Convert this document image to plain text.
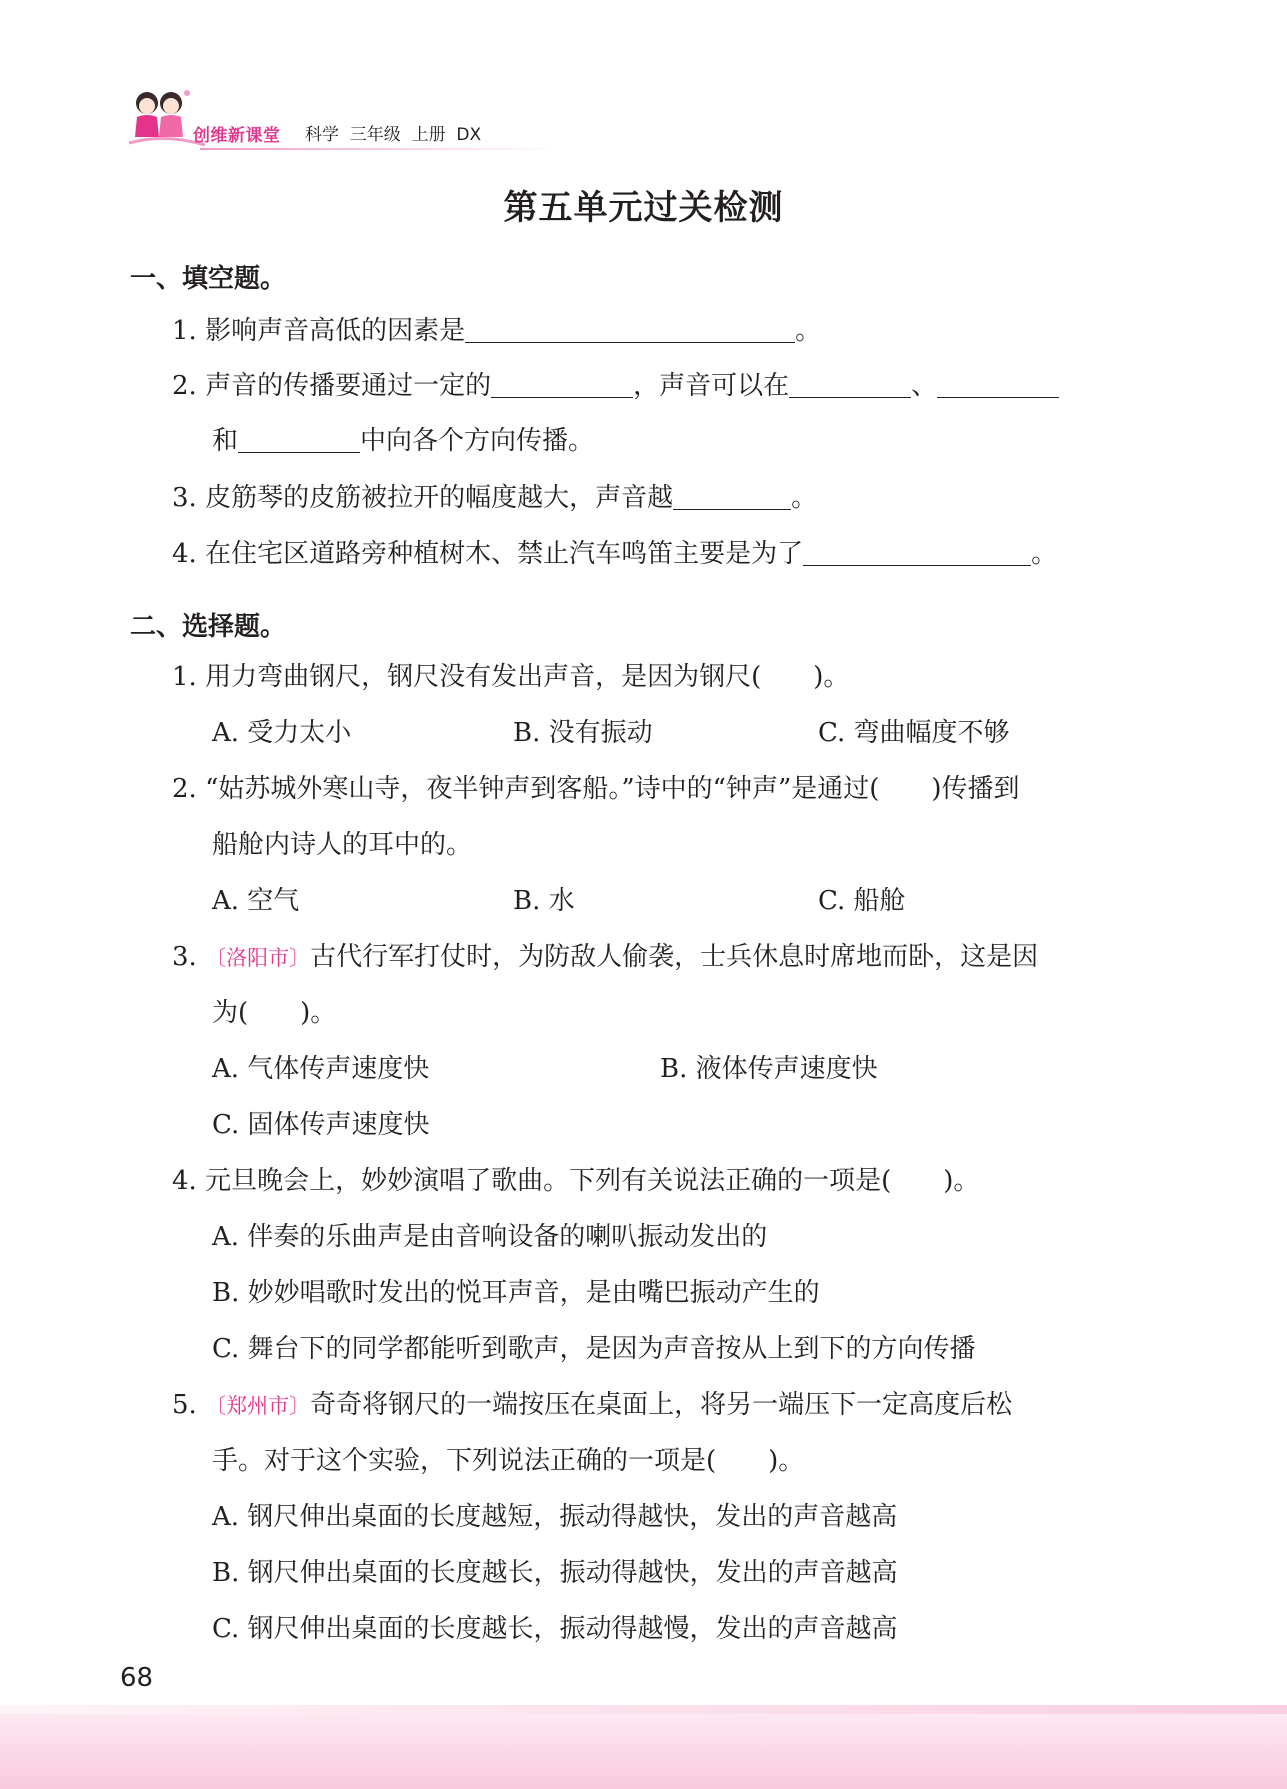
创维新课堂 科学  三年级  上册  DX
第五单元过关检测
一、填空题。
1. 影响声音高低的因素是	。
2. 声音的传播要通过一定的	，声音可以在	、
和	中向各个方向传播。
3. 皮筋琴的皮筋被拉开的幅度越大，声音越	。
4. 在住宅区道路旁种植树木、禁止汽车鸣笛主要是为了	。
二、选择题。
1. 用力弯曲钢尺，钢尺没有发出声音，是因为钢尺(　　)。
A. 受力太小	B. 没有振动	C. 弯曲幅度不够
2. “姑苏城外寒山寺，夜半钟声到客船。”诗中的“钟声”是通过(　　)传播到
船舱内诗人的耳中的。
A. 空气	B. 水	C. 船舱
3. 〔洛阳市〕古代行军打仗时，为防敌人偷袭，士兵休息时席地而卧，这是因
为(　　)。
A. 气体传声速度快	B. 液体传声速度快
C. 固体传声速度快
4. 元旦晚会上，妙妙演唱了歌曲。下列有关说法正确的一项是(　　)。
A. 伴奏的乐曲声是由音响设备的喇叭振动发出的
B. 妙妙唱歌时发出的悦耳声音，是由嘴巴振动产生的
C. 舞台下的同学都能听到歌声，是因为声音按从上到下的方向传播
5. 〔郑州市〕奇奇将钢尺的一端按压在桌面上，将另一端压下一定高度后松
手。对于这个实验，下列说法正确的一项是(　　)。
A. 钢尺伸出桌面的长度越短，振动得越快，发出的声音越高
B. 钢尺伸出桌面的长度越长，振动得越快，发出的声音越高
C. 钢尺伸出桌面的长度越长，振动得越慢，发出的声音越高
68
